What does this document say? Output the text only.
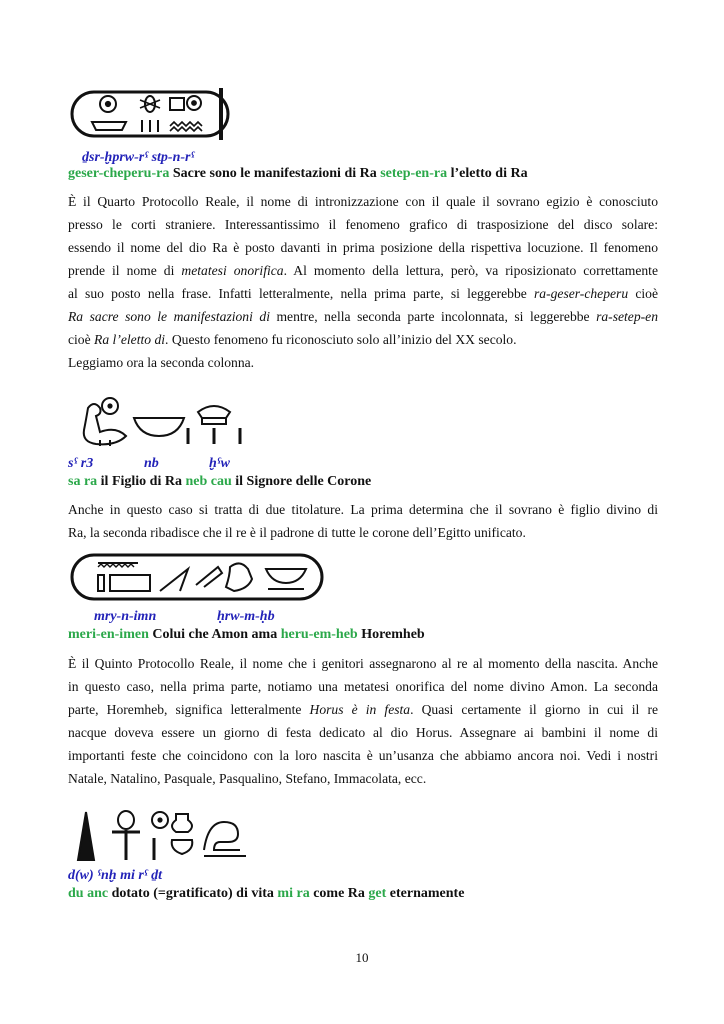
ḏsr-ḫprw-rˁ stp-n-rˁ
geser-cheperu-ra Sacre sono le manifestazioni di Ra setep-en-ra l’eletto di Ra
È il Quarto Protocollo Reale, il nome di intronizzazione con il quale il sovrano egizio è conosciuto
presso le corti straniere. Interessantissimo il fenomeno grafico di trasposizione del disco solare:
essendo il nome del dio Ra è posto davanti in prima posizione della rispettiva locuzione. Il fenomeno
prende il nome di metatesi onorifica. Al momento della lettura, però, va riposizionato correttamente
al suo posto nella frase. Infatti letteralmente, nella prima parte, si leggerebbe ra-geser-cheperu cioè
Ra sacre sono le manifestazioni di mentre, nella seconda parte incolonnata, si leggerebbe ra-setep-en
cioè Ra l’eletto di. Questo fenomeno fu riconosciuto solo all’inizio del XX secolo.
Leggiamo ora la seconda colonna.
sˁ r3	nb	ḫˁw
sa ra il Figlio di Ra neb cau il Signore delle Corone
Anche in questo caso si tratta di due titolature. La prima determina che il sovrano è figlio divino di
Ra, la seconda ribadisce che il re è il padrone di tutte le corone dell’Egitto unificato.
mry-n-imn	ḥrw-m-ḥb
meri-en-imen Colui che Amon ama heru-em-heb Horemheb
È il Quinto Protocollo Reale, il nome che i genitori assegnarono al re al momento della nascita. Anche
in questo caso, nella prima parte, notiamo una metatesi onorifica del nome divino Amon. La seconda
parte, Horemheb, significa letteralmente Horus è in festa. Quasi certamente il giorno in cui il re
nacque doveva essere un giorno di festa dedicato al dio Horus. Assegnare ai bambini il nome di
importanti feste che coincidono con la loro nascita è un’usanza che abbiamo ancora noi. Vedi i nostri
Natale, Natalino, Pasquale, Pasqualino, Stefano, Immacolata, ecc.
d(w) ˁnḫ mi rˁ ḏt
du anc dotato (=gratificato) di vita mi ra come Ra get eternamente
10
